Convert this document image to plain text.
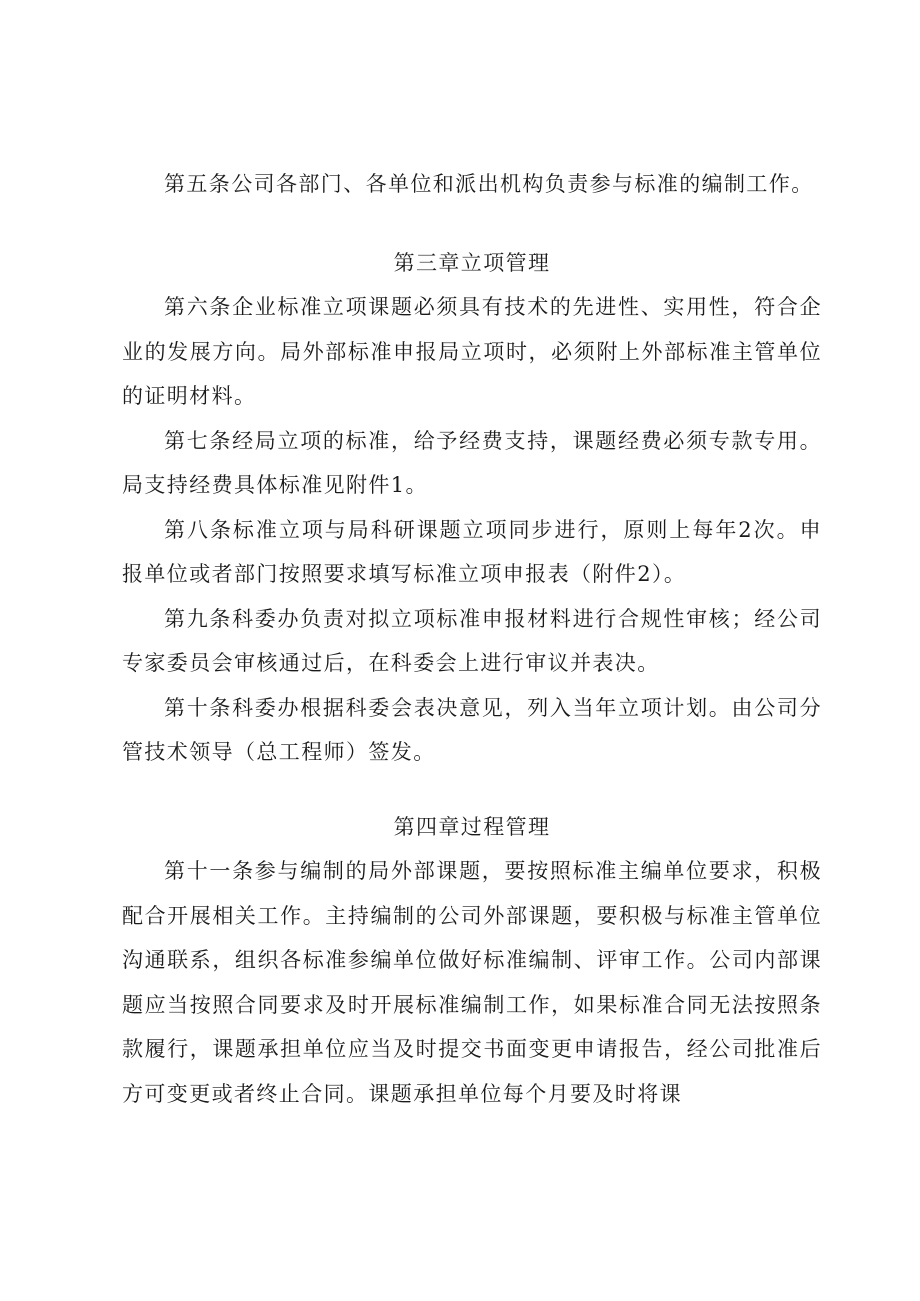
第五条公司各部门、各单位和派出机构负责参与标准的编制工作。

第三章立项管理

第六条企业标准立项课题必须具有技术的先进性、实用性，符合企业的发展方向。局外部标准申报局立项时，必须附上外部标准主管单位的证明材料。

第七条经局立项的标准，给予经费支持，课题经费必须专款专用。局支持经费具体标准见附件1。

第八条标准立项与局科研课题立项同步进行，原则上每年2次。申报单位或者部门按照要求填写标准立项申报表（附件2）。

第九条科委办负责对拟立项标准申报材料进行合规性审核；经公司专家委员会审核通过后，在科委会上进行审议并表决。

第十条科委办根据科委会表决意见，列入当年立项计划。由公司分管技术领导（总工程师）签发。

第四章过程管理

第十一条参与编制的局外部课题，要按照标准主编单位要求，积极配合开展相关工作。主持编制的公司外部课题，要积极与标准主管单位沟通联系，组织各标准参编单位做好标准编制、评审工作。公司内部课题应当按照合同要求及时开展标准编制工作，如果标准合同无法按照条款履行，课题承担单位应当及时提交书面变更申请报告，经公司批准后方可变更或者终止合同。课题承担单位每个月要及时将课
